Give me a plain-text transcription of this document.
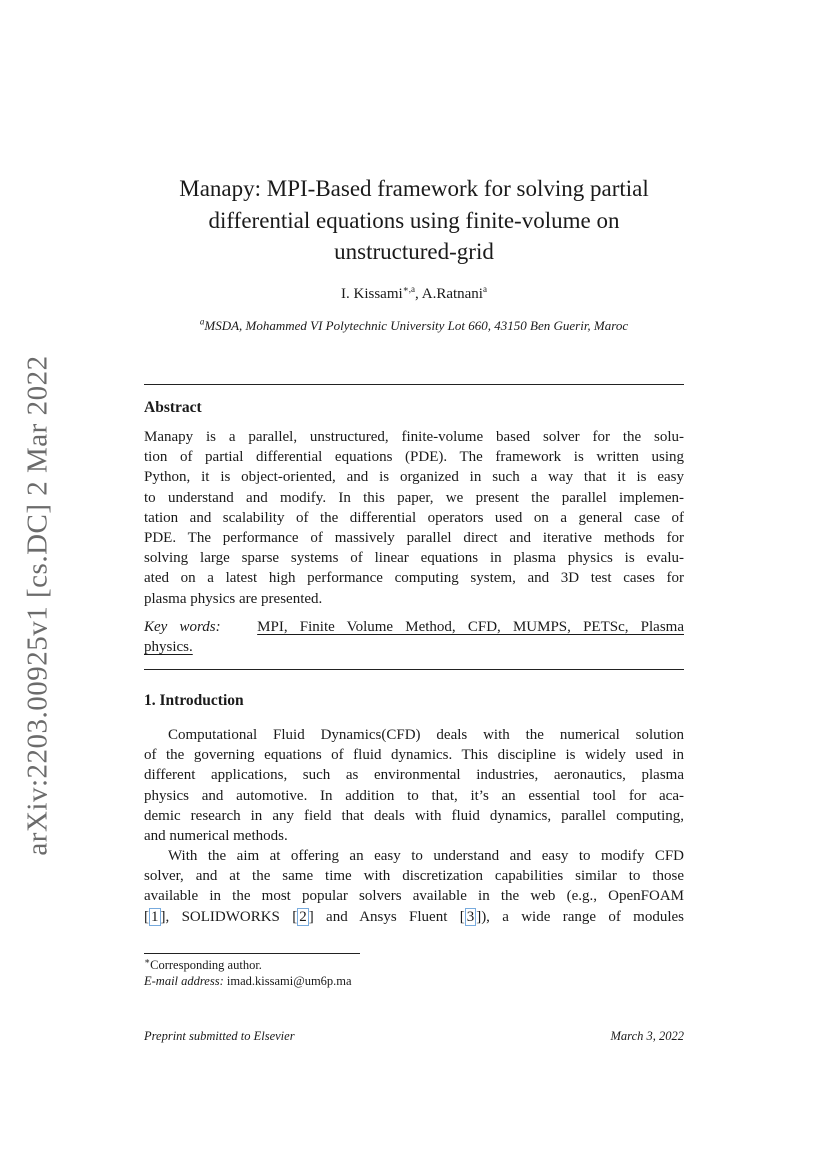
arXiv:2203.00925v1 [cs.DC] 2 Mar 2022
Manapy: MPI-Based framework for solving partial
differential equations using finite-volume on
unstructured-grid
I. Kissami$^{∗,a}$, A.Ratnani$^a$
$^a$MSDA, Mohammed VI Polytechnic University Lot 660, 43150 Ben Guerir, Maroc
Abstract
Manapy is a parallel, unstructured, finite-volume based solver for the solu-
tion of partial differential equations (PDE). The framework is written using
Python, it is object-oriented, and is organized in such a way that it is easy
to understand and modify. In this paper, we present the parallel implemen-
tation and scalability of the differential operators used on a general case of
PDE. The performance of massively parallel direct and iterative methods for
solving large sparse systems of linear equations in plasma physics is evalu-
ated on a latest high performance computing system, and 3D test cases for
plasma physics are presented.
Key words: MPI, Finite Volume Method, CFD, MUMPS, PETSc, Plasma
physics.
1. Introduction
Computational Fluid Dynamics(CFD) deals with the numerical solution
of the governing equations of fluid dynamics. This discipline is widely used in
different applications, such as environmental industries, aeronautics, plasma
physics and automotive. In addition to that, it’s an essential tool for aca-
demic research in any field that deals with fluid dynamics, parallel computing,
and numerical methods.
With the aim at offering an easy to understand and easy to modify CFD
solver, and at the same time with discretization capabilities similar to those
available in the most popular solvers available in the web (e.g., OpenFOAM
[ 1 ], SOLIDWORKS [ 2 ] and Ansys Fluent [ 3 ]), a wide range of modules
∗Corresponding author.
E-mail address: imad.kissami@um6p.ma
Preprint submitted to Elsevier	March 3, 2022
